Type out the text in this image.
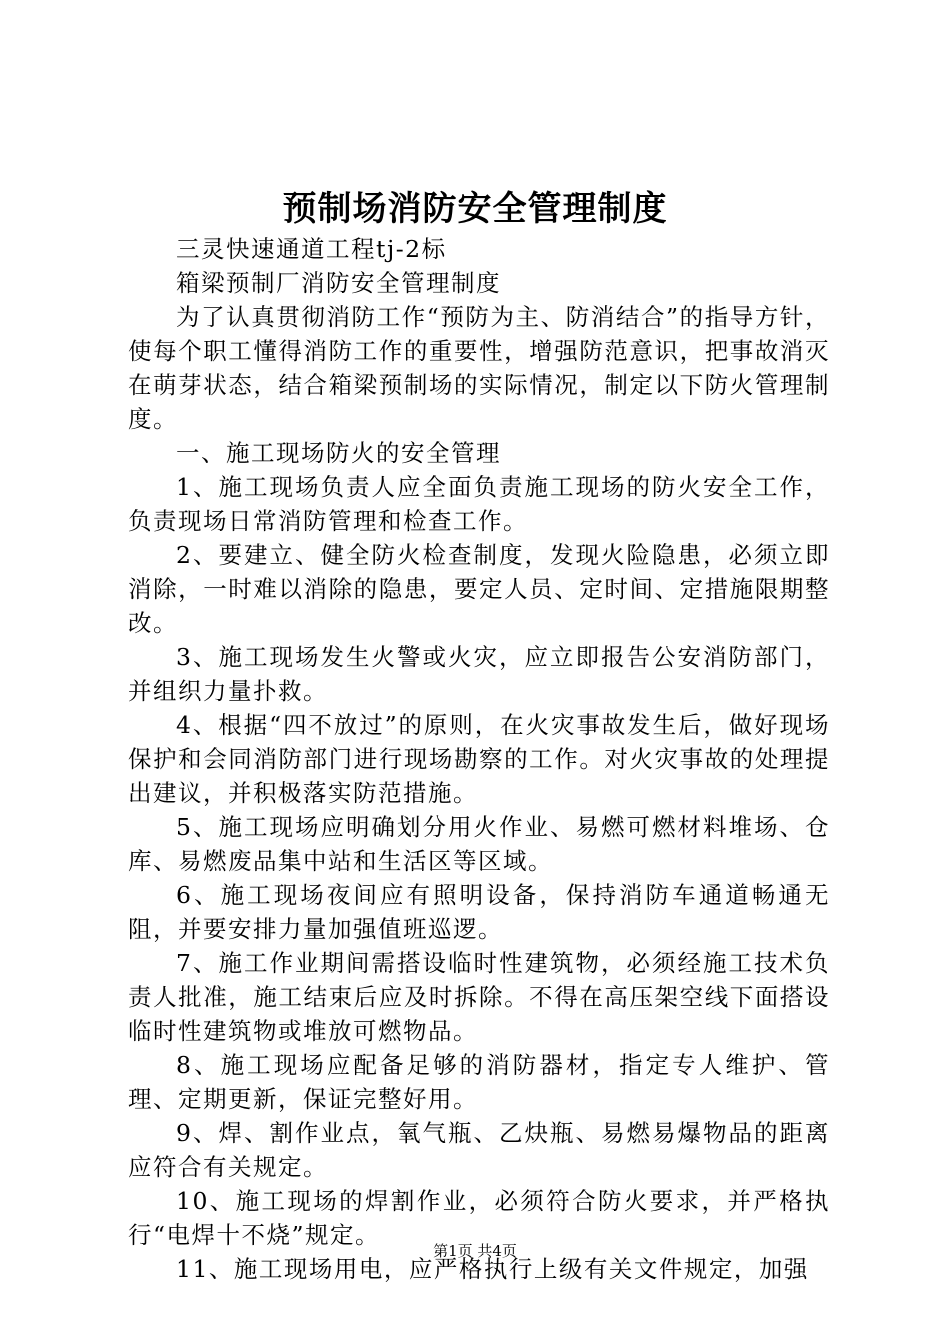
预制场消防安全管理制度

三灵快速通道工程tj-2标

箱梁预制厂消防安全管理制度

为了认真贯彻消防工作“预防为主、防消结合”的指导方针，使每个职工懂得消防工作的重要性，增强防范意识，把事故消灭在萌芽状态，结合箱梁预制场的实际情况，制定以下防火管理制度。

一、施工现场防火的安全管理

1、施工现场负责人应全面负责施工现场的防火安全工作，负责现场日常消防管理和检查工作。

2、要建立、健全防火检查制度，发现火险隐患，必须立即消除，一时难以消除的隐患，要定人员、定时间、定措施限期整改。

3、施工现场发生火警或火灾，应立即报告公安消防部门，并组织力量扑救。

4、根据“四不放过”的原则，在火灾事故发生后，做好现场保护和会同消防部门进行现场勘察的工作。对火灾事故的处理提出建议，并积极落实防范措施。

5、施工现场应明确划分用火作业、易燃可燃材料堆场、仓库、易燃废品集中站和生活区等区域。

6、施工现场夜间应有照明设备，保持消防车通道畅通无阻，并要安排力量加强值班巡逻。

7、施工作业期间需搭设临时性建筑物，必须经施工技术负责人批准，施工结束后应及时拆除。不得在高压架空线下面搭设临时性建筑物或堆放可燃物品。

8、施工现场应配备足够的消防器材，指定专人维护、管理、定期更新，保证完整好用。

9、焊、割作业点，氧气瓶、乙炔瓶、易燃易爆物品的距离应符合有关规定。

10、施工现场的焊割作业，必须符合防火要求，并严格执行“电焊十不烧”规定。

11、施工现场用电，应严格执行上级有关文件规定，加强

第1页 共4页
